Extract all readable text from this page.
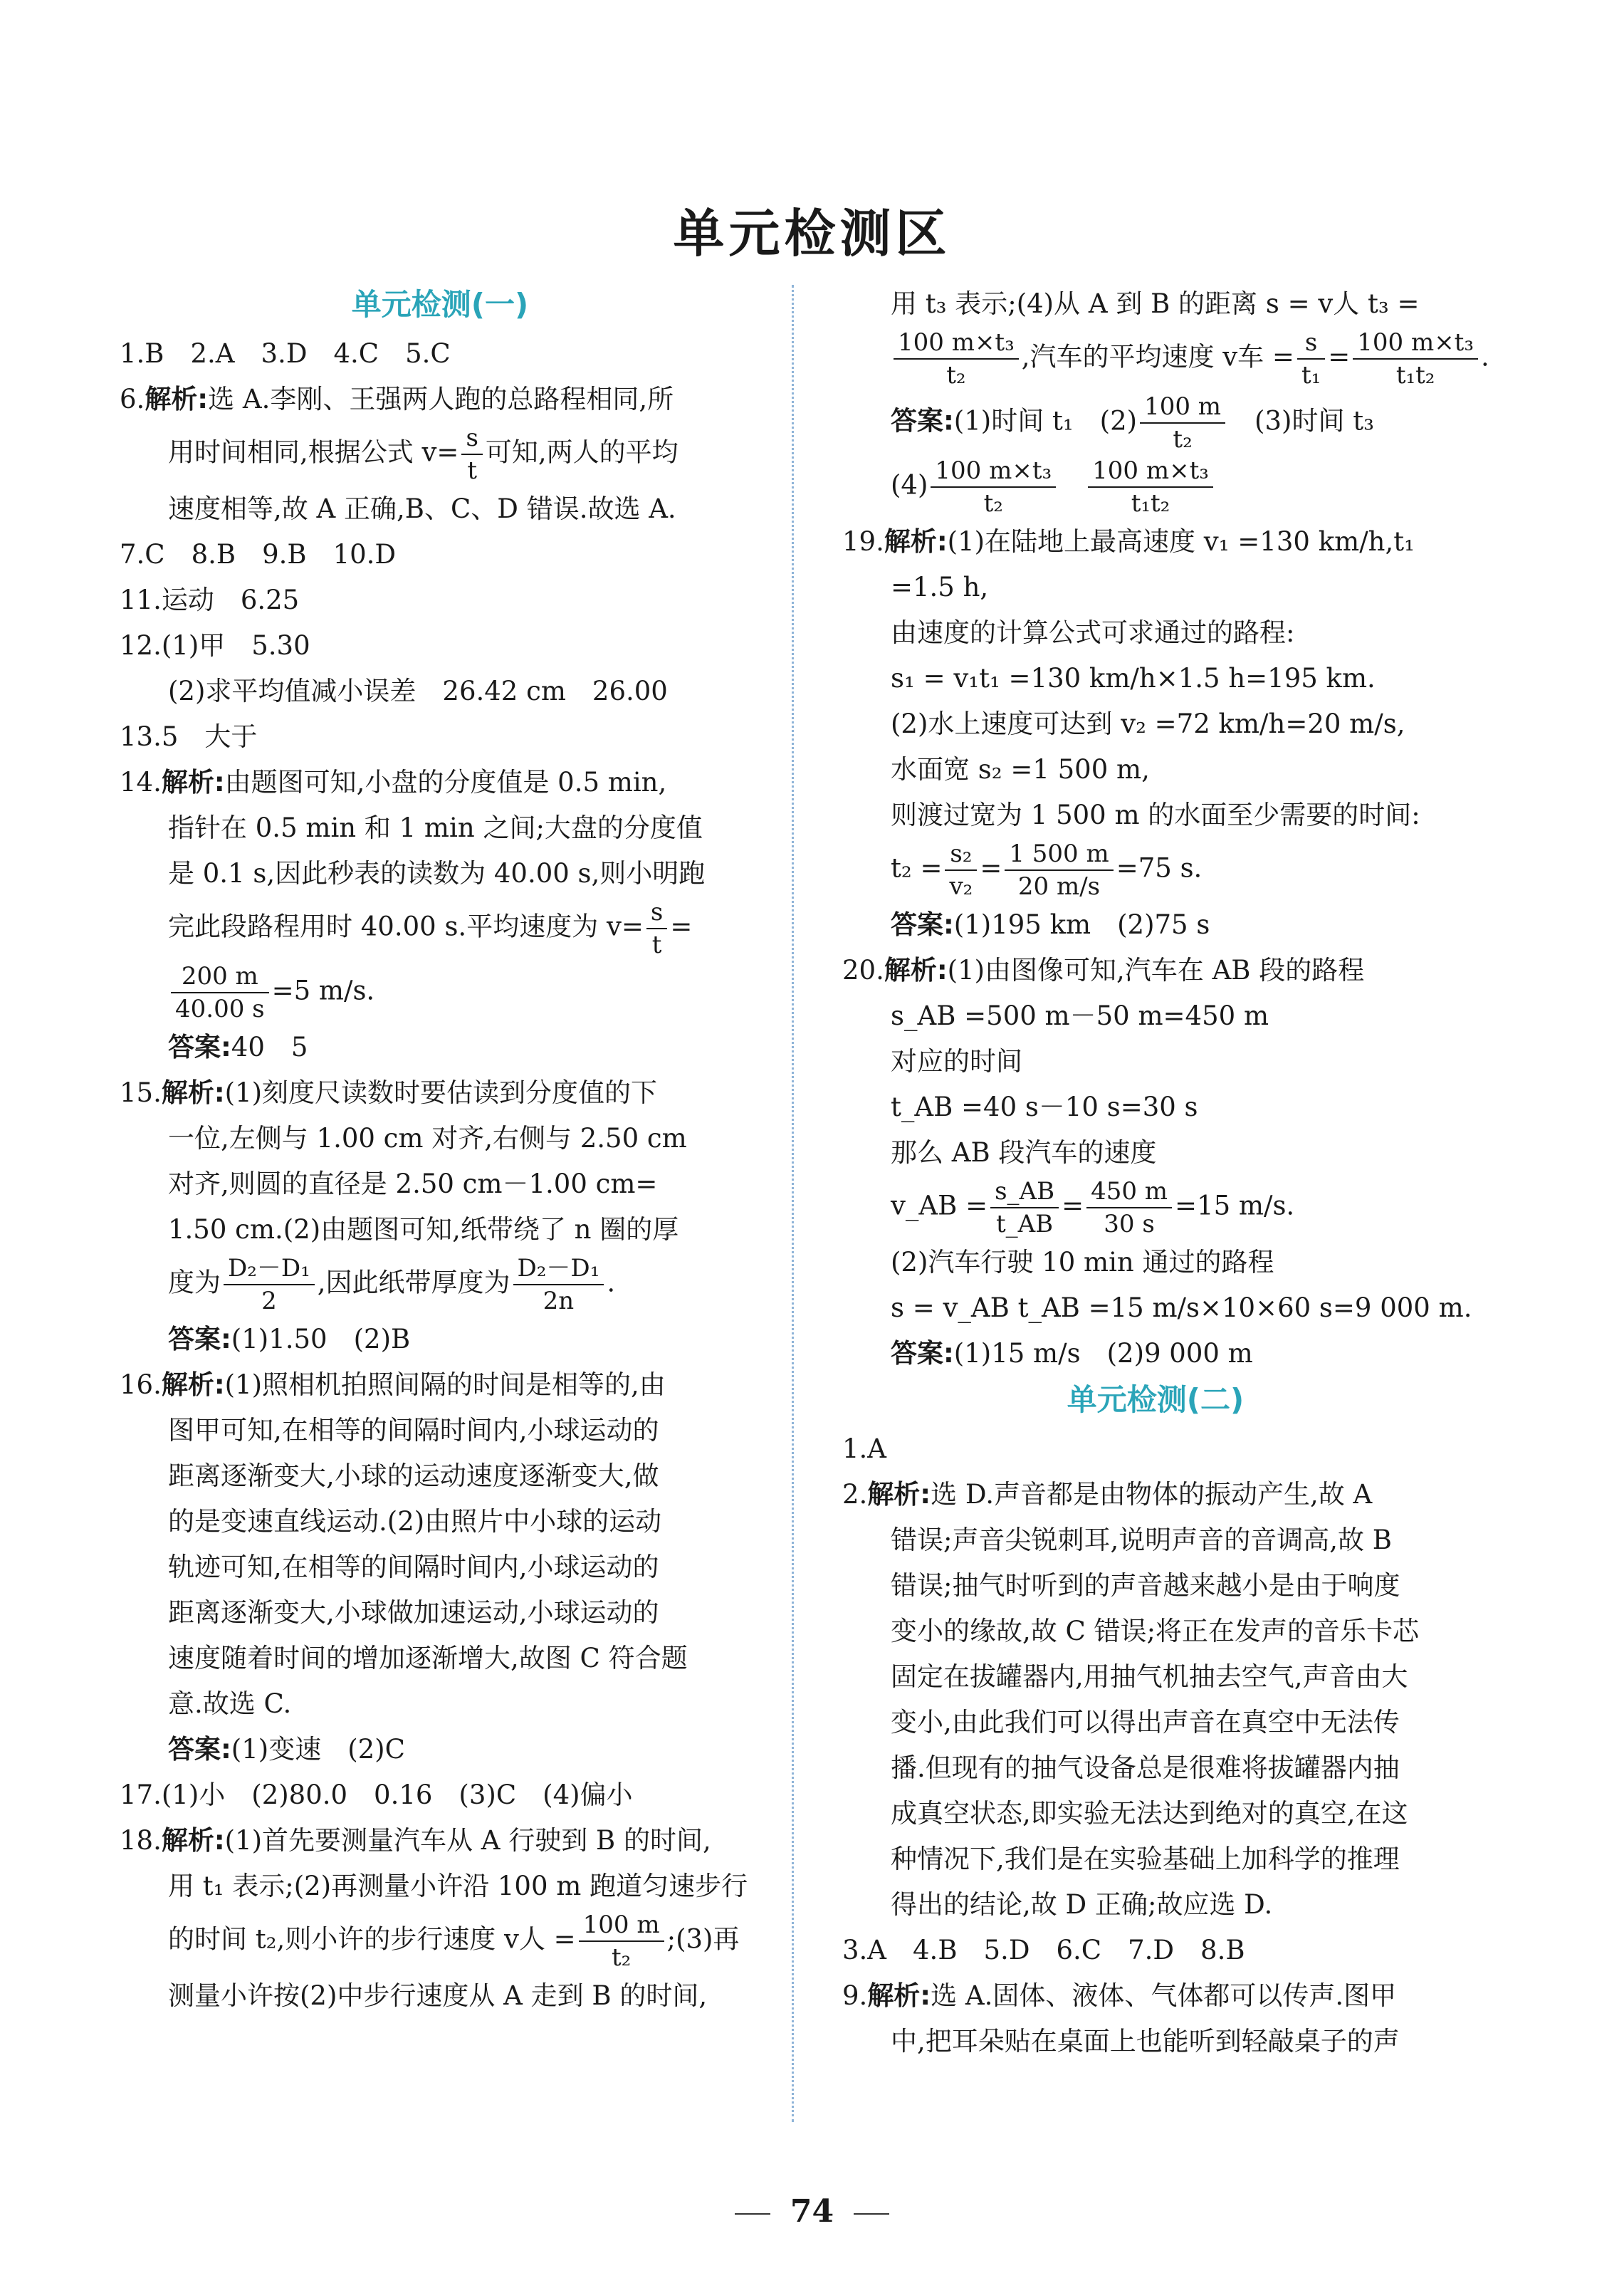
单元检测区
单元检测(一)
1.B　2.A　3.D　4.C　5.C
6.解析:选 A.李刚、王强两人跑的总路程相同,所
用时间相同,根据公式 $v= \frac{s}{t}$ 可知,两人的平均
速度相等,故 A 正确,B、C、D 错误.故选 A.
7.C　8.B　9.B　10.D
11.运动　6.25
12.(1)甲　5.30
(2)求平均值减小误差　26.42 cm　26.00
13.5　大于
14.解析:由题图可知,小盘的分度值是 0.5 min,
指针在 0.5 min 和 1 min 之间;大盘的分度值
是 0.1 s,因此秒表的读数为 40.00 s,则小明跑
完此段路程用时 40.00 s.平均速度为 $v= \frac{s}{t}$ =
$\frac{200 m}{40.00 s} =5$ m/s.
答案:40　5
15.解析:(1)刻度尺读数时要估读到分度值的下
一位,左侧与 1.00 cm 对齐,右侧与 2.50 cm
对齐,则圆的直径是 2.50 cm－1.00 cm=
1.50 cm.(2)由题图可知,纸带绕了 n 圈的厚
度为 $\frac{\text{D₂－D₁}}{2}$ ,因此纸带厚度为 $\frac{\text{D₂－D₁}}{2n}$ .
答案:(1)1.50　(2)B
16.解析:(1)照相机拍照间隔的时间是相等的,由
图甲可知,在相等的间隔时间内,小球运动的
距离逐渐变大,小球的运动速度逐渐变大,做
的是变速直线运动.(2)由照片中小球的运动
轨迹可知,在相等的间隔时间内,小球运动的
距离逐渐变大,小球做加速运动,小球运动的
速度随着时间的增加逐渐增大,故图 C 符合题
意.故选 C.
答案:(1)变速　(2)C
17.(1)小　(2)80.0　0.16　(3)C　(4)偏小
18.解析:(1)首先要测量汽车从 A 行驶到 B 的时间,
用 t₁ 表示;(2)再测量小许沿 100 m 跑道匀速步行
的时间 t₂,则小许的步行速度 v人 = $\frac{100 m}{\text{t₂}}$ ;(3)再
测量小许按(2)中步行速度从 A 走到 B 的时间,
用 t₃ 表示;(4)从 A 到 B 的距离 s = v人 t₃ =
$\frac{\text{100 m×t₃}}{\text{t₂}}$ ,汽车的平均速度 v车 = $\frac{s}{\text{t₁}} = \frac{\text{100 m×t₃}}{\text{t₁t₂}}$ .
答案:(1)时间 t₁　$(2) \frac{100 m}{\text{t₂}}$
　 (3)时间 t₃
$(4) \frac{\text{100 m×t₃}}{\text{t₂}}$
　 $\frac{\text{100 m×t₃}}{\text{t₁t₂}}$
19.解析:(1)在陆地上最高速度 v₁ =130 km/h,t₁
=1.5 h,
由速度的计算公式可求通过的路程:
s₁ = v₁t₁ =130 km/h×1.5 h=195 km.
(2)水上速度可达到 v₂ =72 km/h=20 m/s,
水面宽 s₂ =1 500 m,
则渡过宽为 1 500 m 的水面至少需要的时间:
$t_2 = \frac{\text{s₂}}{\text{v₂}} = \frac{1 500 m}{20 m/s} =75$ s.
答案:(1)195 km　(2)75 s
20.解析:(1)由图像可知,汽车在 AB 段的路程
s_AB =500 m－50 m=450 m
对应的时间
t_AB =40 s－10 s=30 s
那么 AB 段汽车的速度
v_AB = $\frac{s\_AB}{t\_AB} = \frac{450 m}{30 s} =15$ m/s.
(2)汽车行驶 10 min 通过的路程
s = v_AB t_AB =15 m/s×10×60 s=9 000 m.
答案:(1)15 m/s　(2)9 000 m
单元检测(二)
1.A
2.解析:选 D.声音都是由物体的振动产生,故 A
错误;声音尖锐刺耳,说明声音的音调高,故 B
错误;抽气时听到的声音越来越小是由于响度
变小的缘故,故 C 错误;将正在发声的音乐卡芯
固定在拔罐器内,用抽气机抽去空气,声音由大
变小,由此我们可以得出声音在真空中无法传
播.但现有的抽气设备总是很难将拔罐器内抽
成真空状态,即实验无法达到绝对的真空,在这
种情况下,我们是在实验基础上加科学的推理
得出的结论,故 D 正确;故应选 D.
3.A　4.B　5.D　6.C　7.D　8.B
9.解析:选 A.固体、液体、气体都可以传声.图甲
中,把耳朵贴在桌面上也能听到轻敲桌子的声
74
